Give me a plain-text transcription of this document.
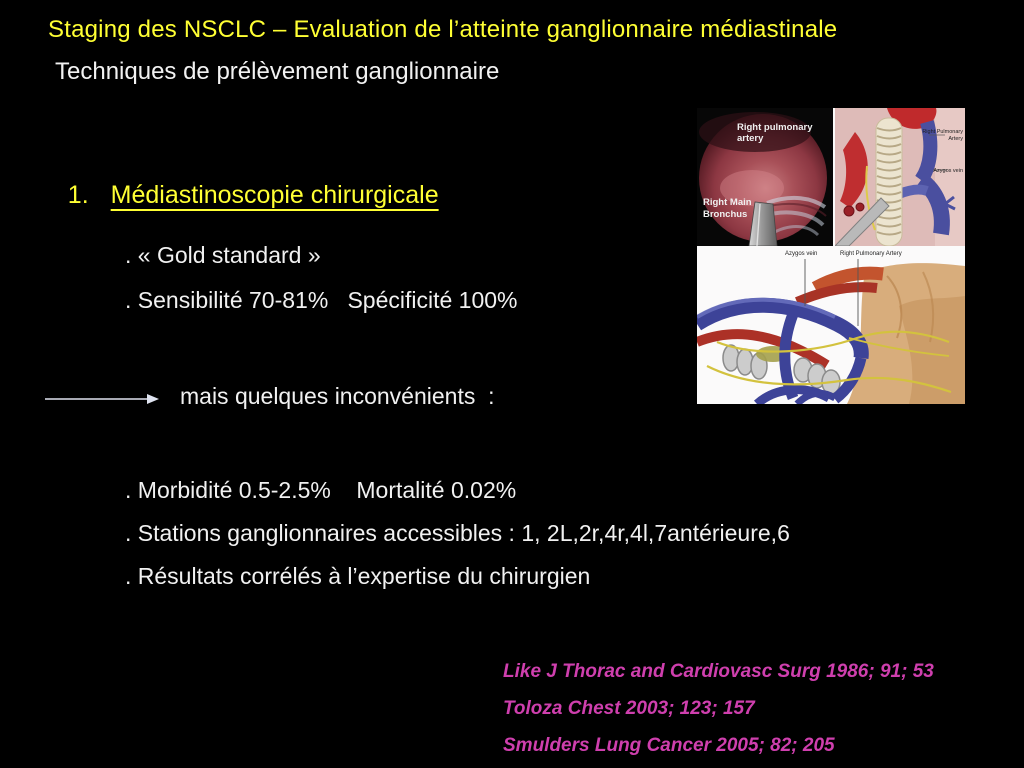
Staging des NSCLC – Evaluation de l’atteinte ganglionnaire médiastinale
Techniques de prélèvement ganglionnaire

1. Médiastinoscopie chirurgicale

. « Gold standard »
. Sensibilité 70-81%   Spécificité 100%
mais quelques inconvénients  :
. Morbidité 0.5-2.5%    Mortalité 0.02%
. Stations ganglionnaires accessibles : 1, 2L,2r,4r,4l,7antérieure,6
. Résultats corrélés à l’expertise du chirurgien
Like J Thorac and Cardiovasc Surg 1986; 91; 53
Toloza Chest 2003; 123; 157
Smulders Lung Cancer 2005; 82; 205
Right pulmonary
artery
Right Main
Bronchus
Right Pulmonary
Artery
Azygos vein
Azygos vein	Right Pulmonary Artery
